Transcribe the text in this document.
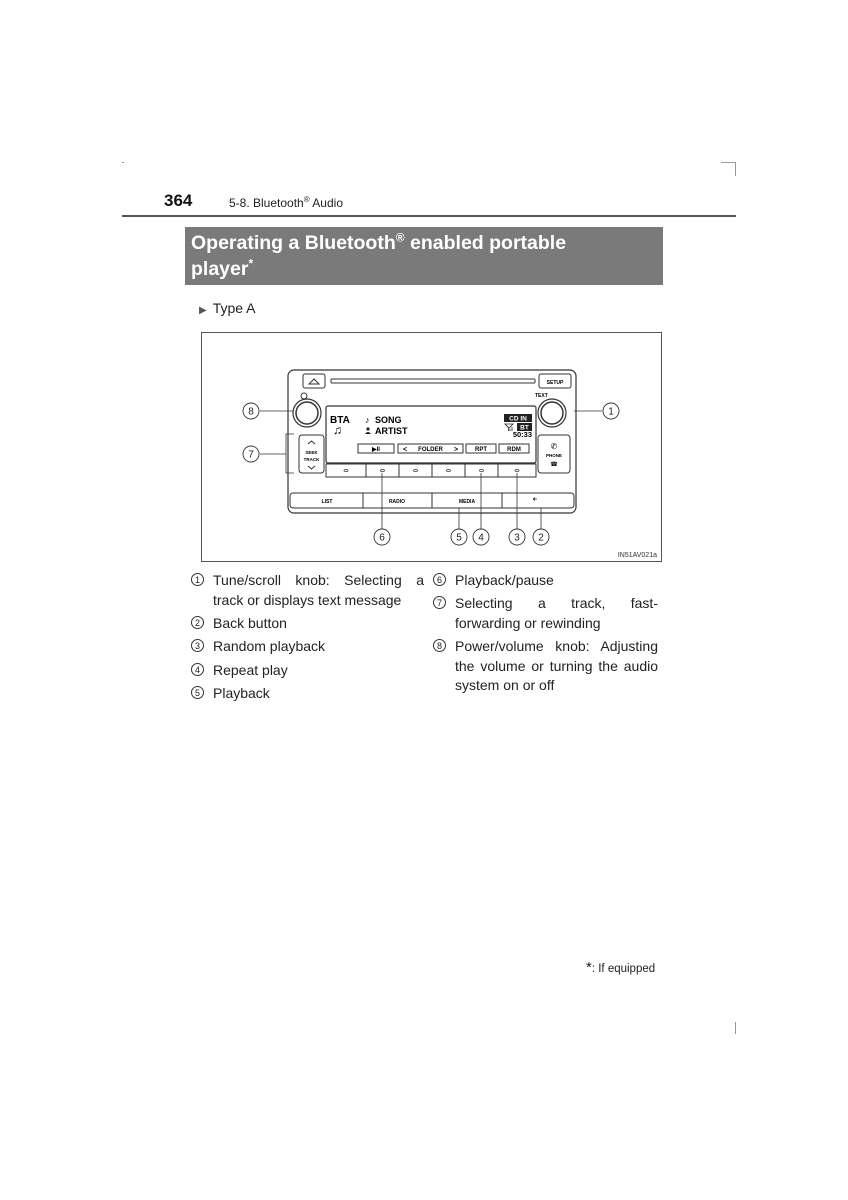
364	5-8. Bluetooth® Audio
Operating a Bluetooth® enabled portable
player*
▶ Type A
SETUP
TEXT
SEEK
TRACK
✆
PHONE
☎
BTA
♫
♪ SONG
ARTIST
CD IN
BT
50:33
▶II	< FOLDER >	RPT	RDM
LIST	RADIO	MEDIA
8	1
7
6	5 4	3 2
IN51AV021a
1 Tune/scroll knob: Selecting a track or displays text message
2 Back button
3 Random playback
4 Repeat play
5 Playback
6 Playback/pause
7 Selecting a track, fast-forwarding or rewinding
8 Power/volume knob: Adjusting the volume or turning the audio system on or off
*: If equipped
